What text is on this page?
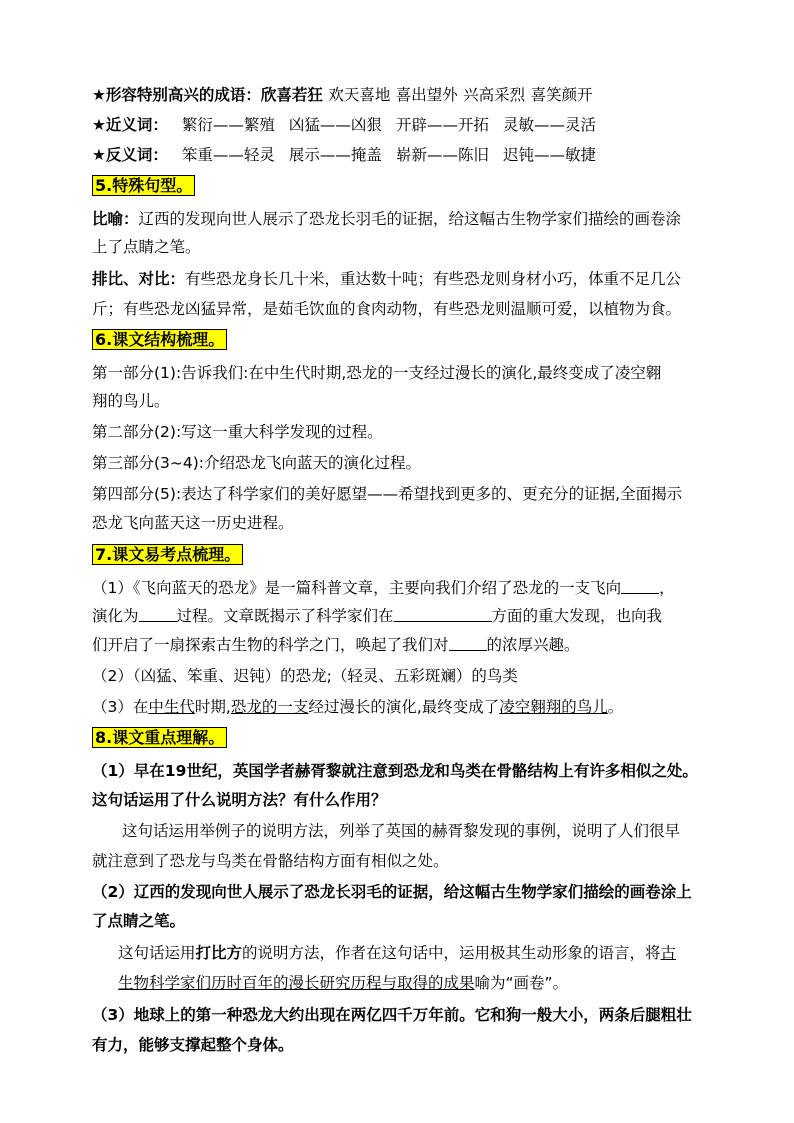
★形容特别高兴的成语：欣喜若狂 欢天喜地 喜出望外 兴高采烈 喜笑颜开
★近义词： 繁衍——繁殖 凶猛——凶狠 开辟——开拓 灵敏——灵活
★反义词： 笨重——轻灵 展示——掩盖 崭新——陈旧 迟钝——敏捷
5.特殊句型。
比喻：辽西的发现向世人展示了恐龙长羽毛的证据，给这幅古生物学家们描绘的画卷涂
上了点睛之笔。
排比、对比：有些恐龙身长几十米，重达数十吨；有些恐龙则身材小巧，体重不足几公
斤；有些恐龙凶猛异常，是茹毛饮血的食肉动物，有些恐龙则温顺可爱，以植物为食。
6.课文结构梳理。
第一部分(1):告诉我们:在中生代时期,恐龙的一支经过漫长的演化,最终变成了凌空翱
翔的鸟儿。
第二部分(2):写这一重大科学发现的过程。
第三部分(3~4):介绍恐龙飞向蓝天的演化过程。
第四部分(5):表达了科学家们的美好愿望——希望找到更多的、更充分的证据,全面揭示
恐龙飞向蓝天这一历史进程。
7.课文易考点梳理。
（1）《飞向蓝天的恐龙》是一篇科普文章，主要向我们介绍了恐龙的一支飞向 ，
演化为 过程。文章既揭示了科学家们在	方面的重大发现，也向我
们开启了一扇探索古生物的科学之门，唤起了我们对 的浓厚兴趣。
（2）（凶猛、笨重、迟钝）的恐龙;（轻灵、五彩斑斓）的鸟类
（3）在中生代时期,恐龙的一支经过漫长的演化,最终变成了凌空翱翔的鸟儿。
8.课文重点理解。
（1）早在19世纪，英国学者赫胥黎就注意到恐龙和鸟类在骨骼结构上有许多相似之处。
这句话运用了什么说明方法？有什么作用？
这句话运用举例子的说明方法，列举了英国的赫胥黎发现的事例，说明了人们很早
就注意到了恐龙与鸟类在骨骼结构方面有相似之处。
（2）辽西的发现向世人展示了恐龙长羽毛的证据，给这幅古生物学家们描绘的画卷涂上
了点睛之笔。
这句话运用打比方的说明方法，作者在这句话中，运用极其生动形象的语言，将古
生物科学家们历时百年的漫长研究历程与取得的成果喻为“画卷”。
（3）地球上的第一种恐龙大约出现在两亿四千万年前。它和狗一般大小，两条后腿粗壮
有力，能够支撑起整个身体。
